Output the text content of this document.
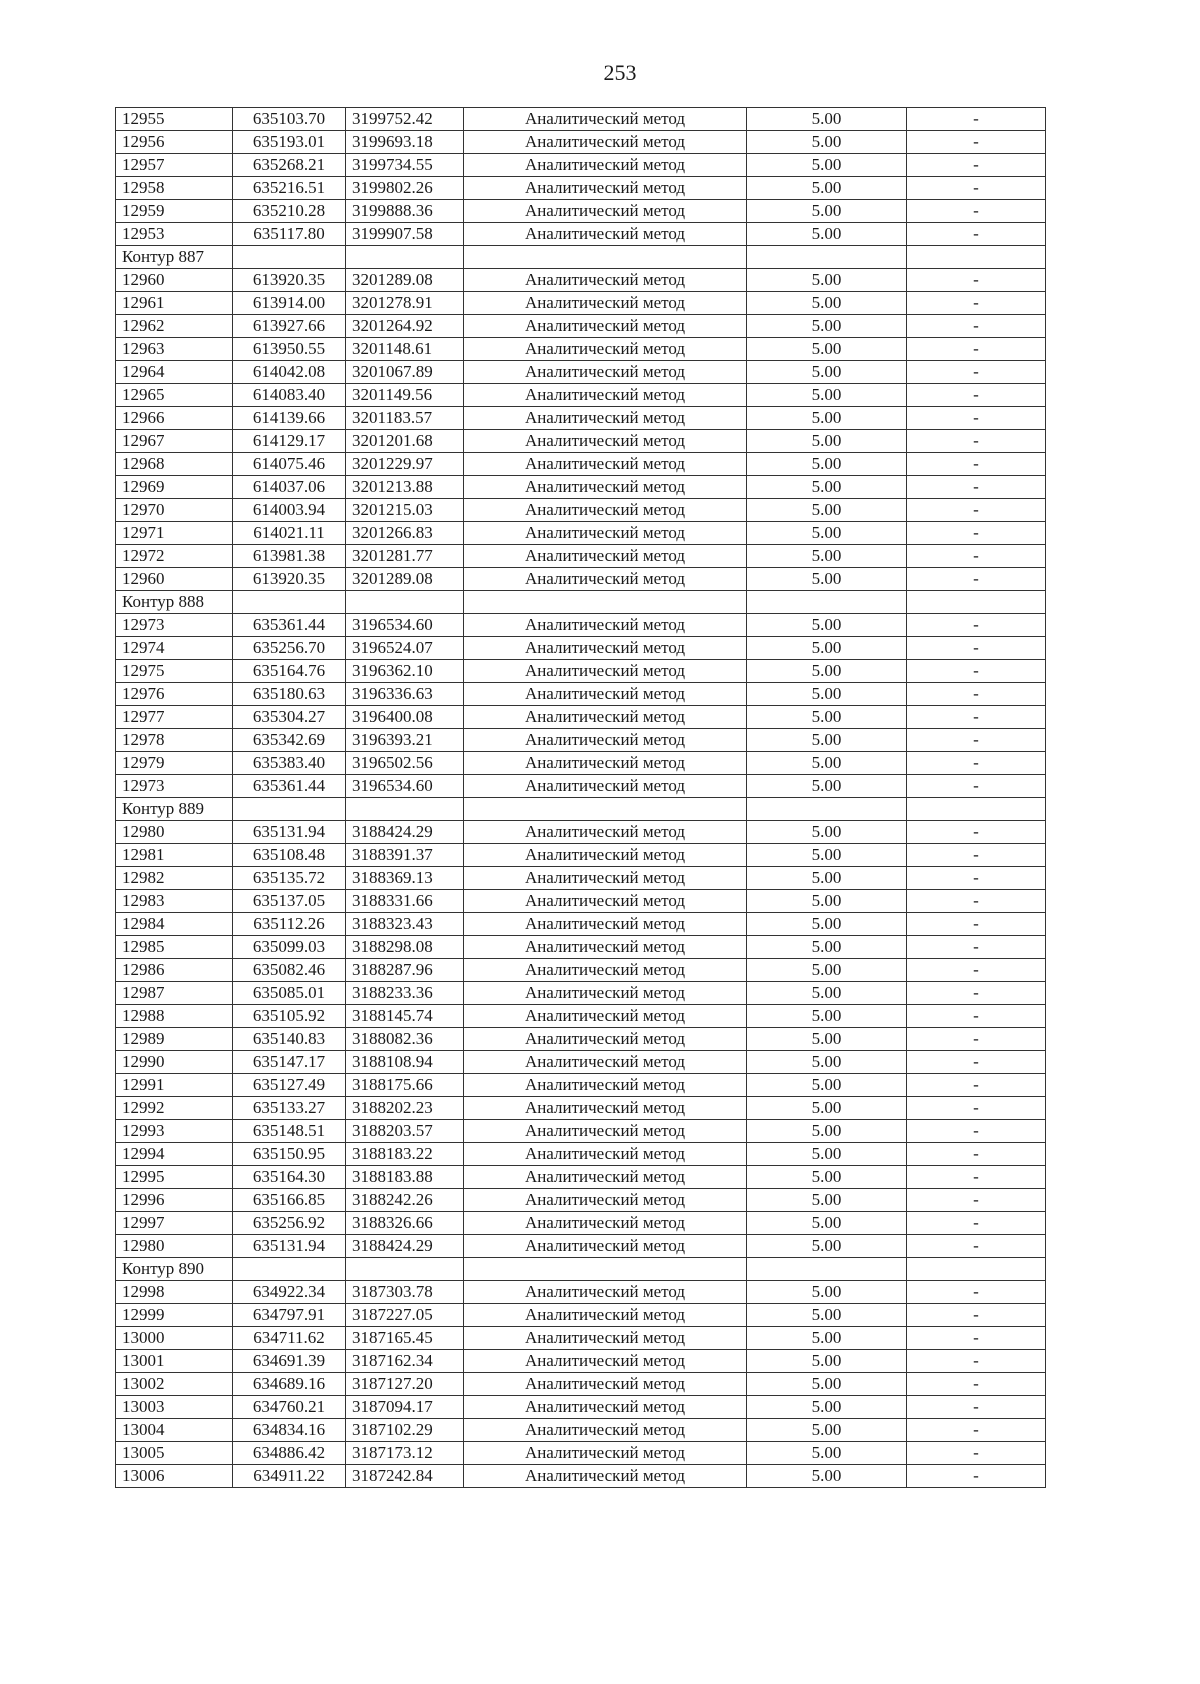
253
12955	635103.70	3199752.42	Аналитический метод	5.00	-
12956	635193.01	3199693.18	Аналитический метод	5.00	-
12957	635268.21	3199734.55	Аналитический метод	5.00	-
12958	635216.51	3199802.26	Аналитический метод	5.00	-
12959	635210.28	3199888.36	Аналитический метод	5.00	-
12953	635117.80	3199907.58	Аналитический метод	5.00	-
Контур 887					
12960	613920.35	3201289.08	Аналитический метод	5.00	-
12961	613914.00	3201278.91	Аналитический метод	5.00	-
12962	613927.66	3201264.92	Аналитический метод	5.00	-
12963	613950.55	3201148.61	Аналитический метод	5.00	-
12964	614042.08	3201067.89	Аналитический метод	5.00	-
12965	614083.40	3201149.56	Аналитический метод	5.00	-
12966	614139.66	3201183.57	Аналитический метод	5.00	-
12967	614129.17	3201201.68	Аналитический метод	5.00	-
12968	614075.46	3201229.97	Аналитический метод	5.00	-
12969	614037.06	3201213.88	Аналитический метод	5.00	-
12970	614003.94	3201215.03	Аналитический метод	5.00	-
12971	614021.11	3201266.83	Аналитический метод	5.00	-
12972	613981.38	3201281.77	Аналитический метод	5.00	-
12960	613920.35	3201289.08	Аналитический метод	5.00	-
Контур 888					
12973	635361.44	3196534.60	Аналитический метод	5.00	-
12974	635256.70	3196524.07	Аналитический метод	5.00	-
12975	635164.76	3196362.10	Аналитический метод	5.00	-
12976	635180.63	3196336.63	Аналитический метод	5.00	-
12977	635304.27	3196400.08	Аналитический метод	5.00	-
12978	635342.69	3196393.21	Аналитический метод	5.00	-
12979	635383.40	3196502.56	Аналитический метод	5.00	-
12973	635361.44	3196534.60	Аналитический метод	5.00	-
Контур 889					
12980	635131.94	3188424.29	Аналитический метод	5.00	-
12981	635108.48	3188391.37	Аналитический метод	5.00	-
12982	635135.72	3188369.13	Аналитический метод	5.00	-
12983	635137.05	3188331.66	Аналитический метод	5.00	-
12984	635112.26	3188323.43	Аналитический метод	5.00	-
12985	635099.03	3188298.08	Аналитический метод	5.00	-
12986	635082.46	3188287.96	Аналитический метод	5.00	-
12987	635085.01	3188233.36	Аналитический метод	5.00	-
12988	635105.92	3188145.74	Аналитический метод	5.00	-
12989	635140.83	3188082.36	Аналитический метод	5.00	-
12990	635147.17	3188108.94	Аналитический метод	5.00	-
12991	635127.49	3188175.66	Аналитический метод	5.00	-
12992	635133.27	3188202.23	Аналитический метод	5.00	-
12993	635148.51	3188203.57	Аналитический метод	5.00	-
12994	635150.95	3188183.22	Аналитический метод	5.00	-
12995	635164.30	3188183.88	Аналитический метод	5.00	-
12996	635166.85	3188242.26	Аналитический метод	5.00	-
12997	635256.92	3188326.66	Аналитический метод	5.00	-
12980	635131.94	3188424.29	Аналитический метод	5.00	-
Контур 890					
12998	634922.34	3187303.78	Аналитический метод	5.00	-
12999	634797.91	3187227.05	Аналитический метод	5.00	-
13000	634711.62	3187165.45	Аналитический метод	5.00	-
13001	634691.39	3187162.34	Аналитический метод	5.00	-
13002	634689.16	3187127.20	Аналитический метод	5.00	-
13003	634760.21	3187094.17	Аналитический метод	5.00	-
13004	634834.16	3187102.29	Аналитический метод	5.00	-
13005	634886.42	3187173.12	Аналитический метод	5.00	-
13006	634911.22	3187242.84	Аналитический метод	5.00	-
